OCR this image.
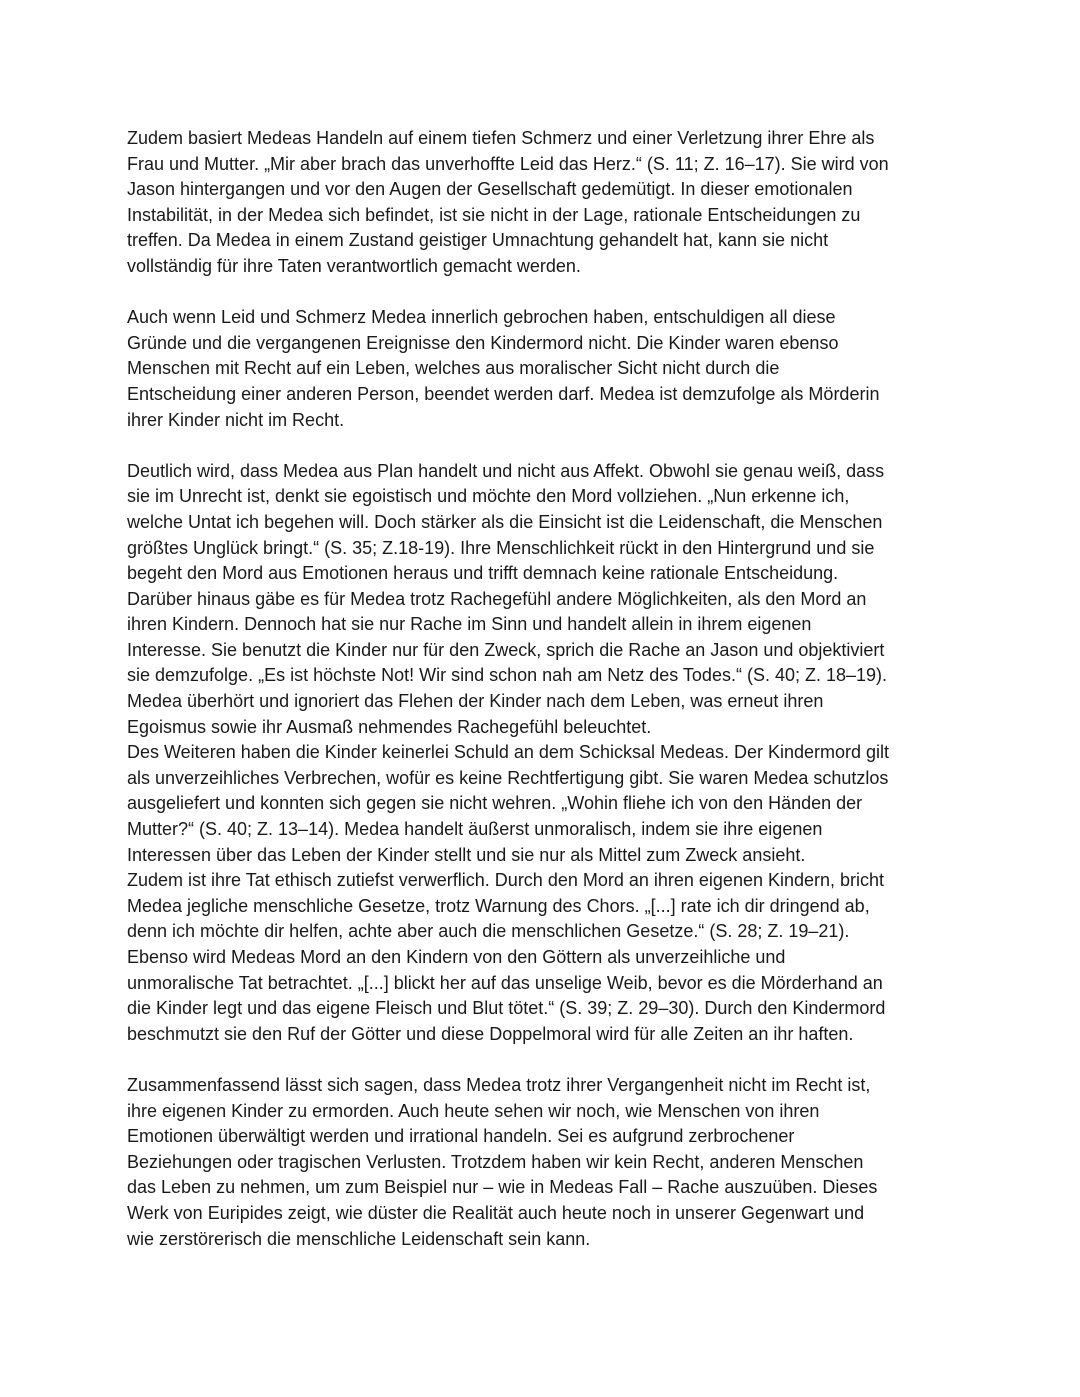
Zudem basiert Medeas Handeln auf einem tiefen Schmerz und einer Verletzung ihrer Ehre als
Frau und Mutter. „Mir aber brach das unverhoffte Leid das Herz.“ (S. 11; Z. 16–17). Sie wird von
Jason hintergangen und vor den Augen der Gesellschaft gedemütigt. In dieser emotionalen
Instabilität, in der Medea sich befindet, ist sie nicht in der Lage, rationale Entscheidungen zu
treffen. Da Medea in einem Zustand geistiger Umnachtung gehandelt hat, kann sie nicht
vollständig für ihre Taten verantwortlich gemacht werden.
Auch wenn Leid und Schmerz Medea innerlich gebrochen haben, entschuldigen all diese
Gründe und die vergangenen Ereignisse den Kindermord nicht. Die Kinder waren ebenso
Menschen mit Recht auf ein Leben, welches aus moralischer Sicht nicht durch die
Entscheidung einer anderen Person, beendet werden darf. Medea ist demzufolge als Mörderin
ihrer Kinder nicht im Recht.
Deutlich wird, dass Medea aus Plan handelt und nicht aus Affekt. Obwohl sie genau weiß, dass
sie im Unrecht ist, denkt sie egoistisch und möchte den Mord vollziehen. „Nun erkenne ich,
welche Untat ich begehen will. Doch stärker als die Einsicht ist die Leidenschaft, die Menschen
größtes Unglück bringt.“ (S. 35; Z.18-19). Ihre Menschlichkeit rückt in den Hintergrund und sie
begeht den Mord aus Emotionen heraus und trifft demnach keine rationale Entscheidung.
Darüber hinaus gäbe es für Medea trotz Rachegefühl andere Möglichkeiten, als den Mord an
ihren Kindern. Dennoch hat sie nur Rache im Sinn und handelt allein in ihrem eigenen
Interesse. Sie benutzt die Kinder nur für den Zweck, sprich die Rache an Jason und objektiviert
sie demzufolge. „Es ist höchste Not! Wir sind schon nah am Netz des Todes.“ (S. 40; Z. 18–19).
Medea überhört und ignoriert das Flehen der Kinder nach dem Leben, was erneut ihren
Egoismus sowie ihr Ausmaß nehmendes Rachegefühl beleuchtet.
Des Weiteren haben die Kinder keinerlei Schuld an dem Schicksal Medeas. Der Kindermord gilt
als unverzeihliches Verbrechen, wofür es keine Rechtfertigung gibt. Sie waren Medea schutzlos
ausgeliefert und konnten sich gegen sie nicht wehren. „Wohin fliehe ich von den Händen der
Mutter?“ (S. 40; Z. 13–14). Medea handelt äußerst unmoralisch, indem sie ihre eigenen
Interessen über das Leben der Kinder stellt und sie nur als Mittel zum Zweck ansieht.
Zudem ist ihre Tat ethisch zutiefst verwerflich. Durch den Mord an ihren eigenen Kindern, bricht
Medea jegliche menschliche Gesetze, trotz Warnung des Chors. „[...] rate ich dir dringend ab,
denn ich möchte dir helfen, achte aber auch die menschlichen Gesetze.“ (S. 28; Z. 19–21).
Ebenso wird Medeas Mord an den Kindern von den Göttern als unverzeihliche und
unmoralische Tat betrachtet. „[...] blickt her auf das unselige Weib, bevor es die Mörderhand an
die Kinder legt und das eigene Fleisch und Blut tötet.“ (S. 39; Z. 29–30). Durch den Kindermord
beschmutzt sie den Ruf der Götter und diese Doppelmoral wird für alle Zeiten an ihr haften.
Zusammenfassend lässt sich sagen, dass Medea trotz ihrer Vergangenheit nicht im Recht ist,
ihre eigenen Kinder zu ermorden. Auch heute sehen wir noch, wie Menschen von ihren
Emotionen überwältigt werden und irrational handeln. Sei es aufgrund zerbrochener
Beziehungen oder tragischen Verlusten. Trotzdem haben wir kein Recht, anderen Menschen
das Leben zu nehmen, um zum Beispiel nur – wie in Medeas Fall – Rache auszuüben. Dieses
Werk von Euripides zeigt, wie düster die Realität auch heute noch in unserer Gegenwart und
wie zerstörerisch die menschliche Leidenschaft sein kann.
